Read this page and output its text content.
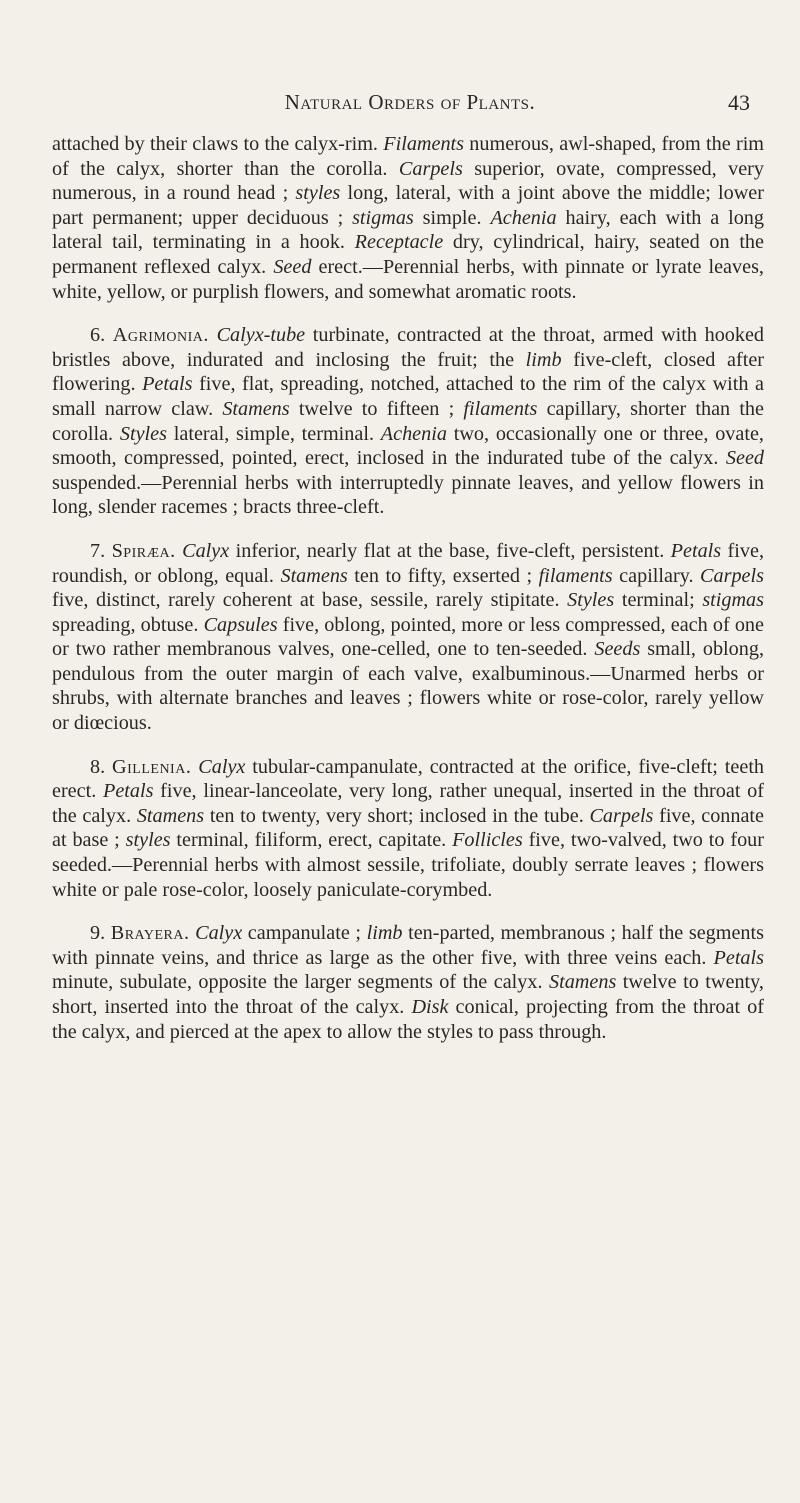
Natural Orders of Plants.	43

attached by their claws to the calyx-rim. Filaments numerous, awl-shaped, from the rim of the calyx, shorter than the corolla. Carpels superior, ovate, compressed, very numerous, in a round head ; styles long, lateral, with a joint above the middle; lower part permanent; upper deciduous ; stigmas simple. Achenia hairy, each with a long lateral tail, terminating in a hook. Receptacle dry, cylindrical, hairy, seated on the permanent reflexed calyx. Seed erect.—Perennial herbs, with pinnate or lyrate leaves, white, yellow, or purplish flowers, and somewhat aromatic roots.

6. Agrimonia. Calyx-tube turbinate, contracted at the throat, armed with hooked bristles above, indurated and inclosing the fruit; the limb five-cleft, closed after flowering. Petals five, flat, spreading, notched, attached to the rim of the calyx with a small narrow claw. Stamens twelve to fifteen ; filaments capillary, shorter than the corolla. Styles lateral, simple, terminal. Achenia two, occasionally one or three, ovate, smooth, compressed, pointed, erect, inclosed in the indurated tube of the calyx. Seed suspended.—Perennial herbs with interruptedly pinnate leaves, and yellow flowers in long, slender racemes ; bracts three-cleft.

7. Spiræa. Calyx inferior, nearly flat at the base, five-cleft, persistent. Petals five, roundish, or oblong, equal. Stamens ten to fifty, exserted ; filaments capillary. Carpels five, distinct, rarely coherent at base, sessile, rarely stipitate. Styles terminal; stigmas spreading, obtuse. Capsules five, oblong, pointed, more or less compressed, each of one or two rather membranous valves, one-celled, one to ten-seeded. Seeds small, oblong, pendulous from the outer margin of each valve, exalbuminous.—Unarmed herbs or shrubs, with alternate branches and leaves ; flowers white or rose-color, rarely yellow or diœcious.

8. Gillenia. Calyx tubular-campanulate, contracted at the orifice, five-cleft; teeth erect. Petals five, linear-lanceolate, very long, rather unequal, inserted in the throat of the calyx. Stamens ten to twenty, very short; inclosed in the tube. Carpels five, connate at base ; styles terminal, filiform, erect, capitate. Follicles five, two-valved, two to four seeded.—Perennial herbs with almost sessile, trifoliate, doubly serrate leaves ; flowers white or pale rose-color, loosely paniculate-corymbed.

9. Brayera. Calyx campanulate ; limb ten-parted, membranous ; half the segments with pinnate veins, and thrice as large as the other five, with three veins each. Petals minute, subulate, opposite the larger segments of the calyx. Stamens twelve to twenty, short, inserted into the throat of the calyx. Disk conical, projecting from the throat of the calyx, and pierced at the apex to allow the styles to pass through.
